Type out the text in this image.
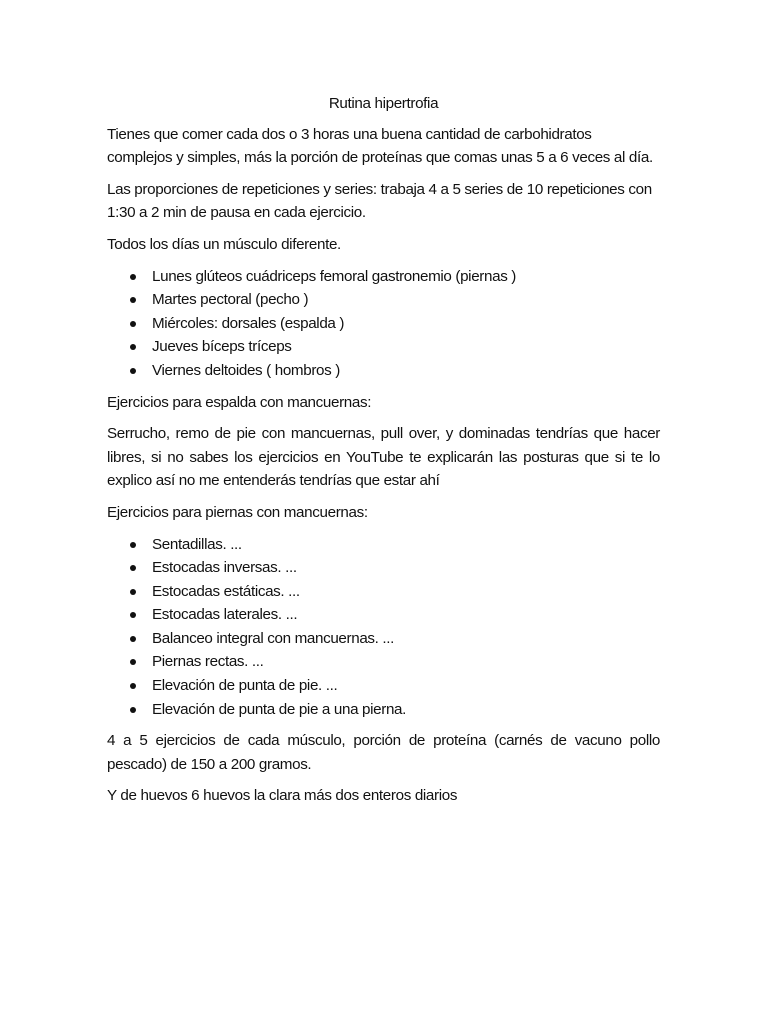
Rutina hipertrofia

Tienes que comer cada dos o 3 horas una buena cantidad de carbohidratos complejos y simples, más la porción de proteínas que comas unas 5 a 6 veces al día.

Las proporciones de repeticiones y series: trabaja 4 a 5 series de 10 repeticiones con 1:30 a 2 min de pausa en cada ejercicio.

Todos los días un músculo diferente.

Lunes glúteos cuádriceps femoral gastronemio (piernas )
Martes pectoral (pecho )
Miércoles: dorsales (espalda )
Jueves bíceps tríceps
Viernes deltoides ( hombros )

Ejercicios para espalda con mancuernas:

Serrucho, remo de pie con mancuernas, pull over, y dominadas tendrías que hacer libres, si no sabes los ejercicios en YouTube te explicarán las posturas que si te lo explico así no me entenderás tendrías que estar ahí

Ejercicios para piernas con mancuernas:

Sentadillas. ...
Estocadas inversas. ...
Estocadas estáticas. ...
Estocadas laterales. ...
Balanceo integral con mancuernas. ...
Piernas rectas. ...
Elevación de punta de pie. ...
Elevación de punta de pie a una pierna.

4 a 5 ejercicios de cada músculo, porción de proteína (carnés de vacuno pollo pescado) de 150 a 200 gramos.

Y de huevos 6 huevos la clara más dos enteros diarios
